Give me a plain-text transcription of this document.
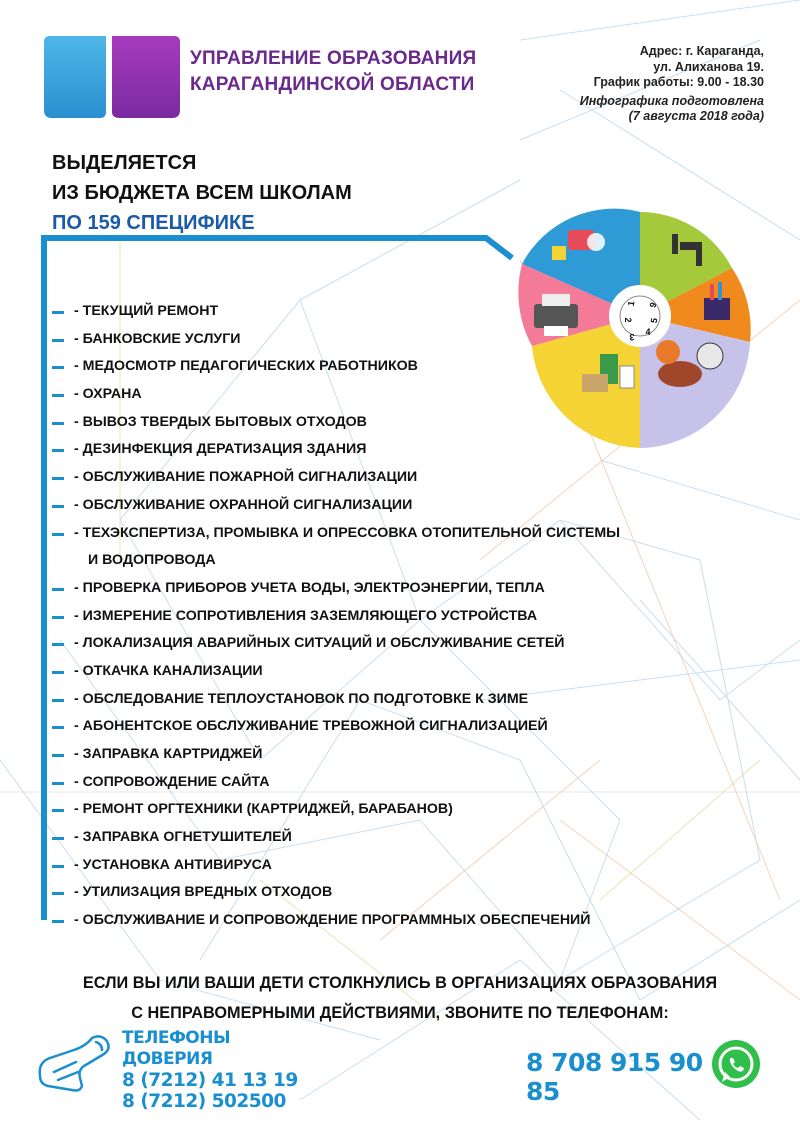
УПРАВЛЕНИЕ ОБРАЗОВАНИЯ
КАРАГАНДИНСКОЙ ОБЛАСТИ
Адрес: г. Караганда,
ул. Алиханова 19.
График работы: 9.00 - 18.30
Инфографика подготовлена
(7 августа 2018 года)
ВЫДЕЛЯЕТСЯ
ИЗ БЮДЖЕТА ВСЕМ ШКОЛАМ
ПО 159 СПЕЦИФИКЕ
1 6
5
4
3
2
- ТЕКУЩИЙ РЕМОНТ
- БАНКОВСКИЕ УСЛУГИ
- МЕДОСМОТР ПЕДАГОГИЧЕСКИХ РАБОТНИКОВ
- ОХРАНА
- ВЫВОЗ ТВЕРДЫХ БЫТОВЫХ ОТХОДОВ
- ДЕЗИНФЕКЦИЯ ДЕРАТИЗАЦИЯ ЗДАНИЯ
- ОБСЛУЖИВАНИЕ ПОЖАРНОЙ СИГНАЛИЗАЦИИ
- ОБСЛУЖИВАНИЕ ОХРАННОЙ СИГНАЛИЗАЦИИ
- ТЕХЭКСПЕРТИЗА, ПРОМЫВКА И ОПРЕССОВКА ОТОПИТЕЛЬНОЙ СИСТЕМЫ
И ВОДОПРОВОДА
- ПРОВЕРКА ПРИБОРОВ УЧЕТА ВОДЫ, ЭЛЕКТРОЭНЕРГИИ, ТЕПЛА
- ИЗМЕРЕНИЕ СОПРОТИВЛЕНИЯ ЗАЗЕМЛЯЮЩЕГО УСТРОЙСТВА
- ЛОКАЛИЗАЦИЯ АВАРИЙНЫХ СИТУАЦИЙ И ОБСЛУЖИВАНИЕ СЕТЕЙ
- ОТКАЧКА КАНАЛИЗАЦИИ
- ОБСЛЕДОВАНИЕ ТЕПЛОУСТАНОВОК ПО ПОДГОТОВКЕ К ЗИМЕ
- АБОНЕНТСКОЕ ОБСЛУЖИВАНИЕ ТРЕВОЖНОЙ СИГНАЛИЗАЦИЕЙ
- ЗАПРАВКА КАРТРИДЖЕЙ
- СОПРОВОЖДЕНИЕ САЙТА
- РЕМОНТ ОРГТЕХНИКИ (КАРТРИДЖЕЙ, БАРАБАНОВ)
- ЗАПРАВКА ОГНЕТУШИТЕЛЕЙ
- УСТАНОВКА АНТИВИРУСА
- УТИЛИЗАЦИЯ ВРЕДНЫХ ОТХОДОВ
- ОБСЛУЖИВАНИЕ И СОПРОВОЖДЕНИЕ ПРОГРАММНЫХ ОБЕСПЕЧЕНИЙ
ЕСЛИ ВЫ ИЛИ ВАШИ ДЕТИ СТОЛКНУЛИСЬ В ОРГАНИЗАЦИЯХ ОБРАЗОВАНИЯ
С НЕПРАВОМЕРНЫМИ ДЕЙСТВИЯМИ, ЗВОНИТЕ ПО ТЕЛЕФОНАМ:
ТЕЛЕФОНЫ ДОВЕРИЯ
8 (7212) 41 13 19
8 (7212) 502500
8 708 915 90 85
